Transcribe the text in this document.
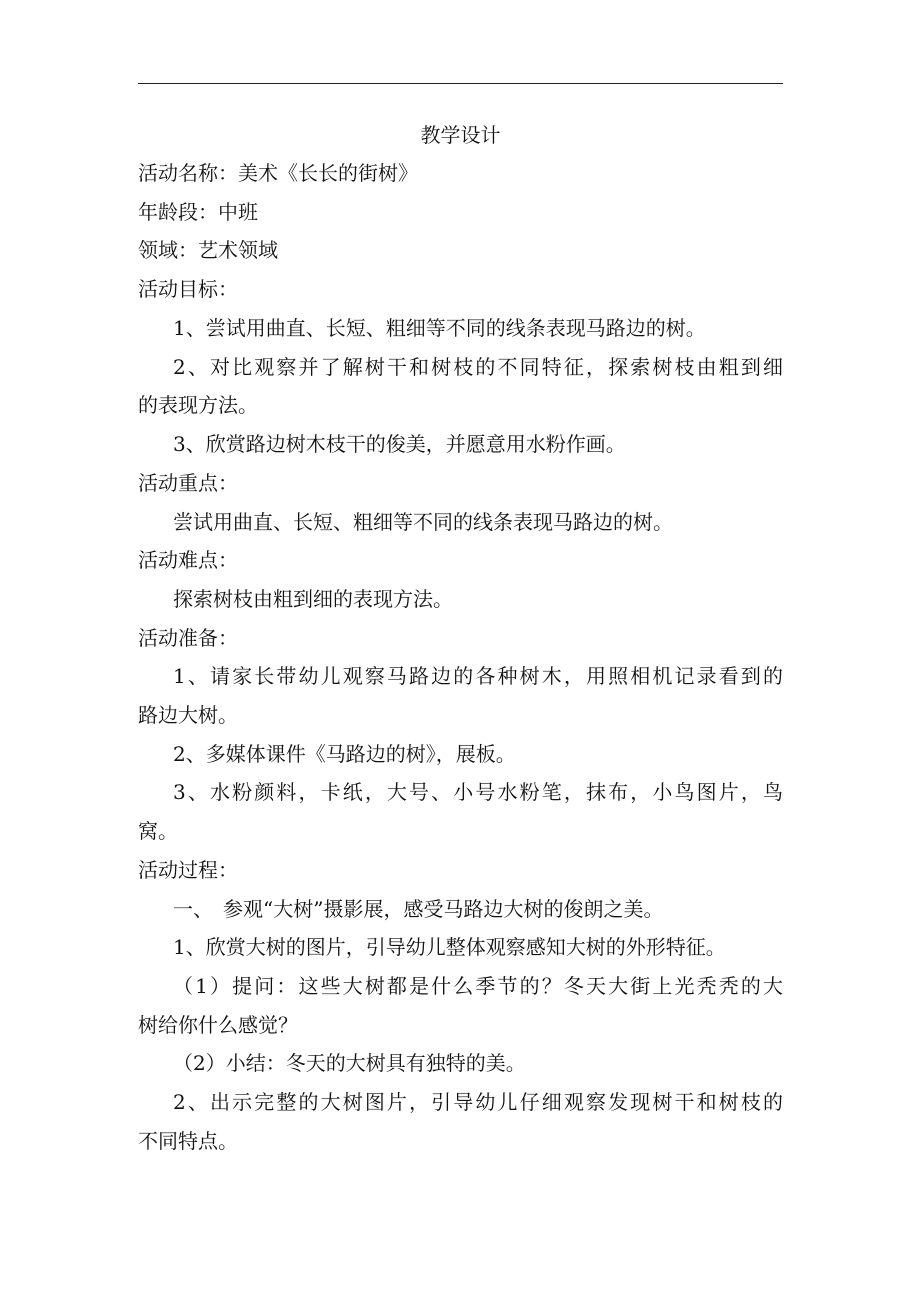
教学设计
活动名称：美术《长长的街树》
年龄段：中班
领域：艺术领域
活动目标：
1、尝试用曲直、长短、粗细等不同的线条表现马路边的树。
2、对比观察并了解树干和树枝的不同特征，探索树枝由粗到细
的表现方法。
3、欣赏路边树木枝干的俊美，并愿意用水粉作画。
活动重点：
尝试用曲直、长短、粗细等不同的线条表现马路边的树。
活动难点：
探索树枝由粗到细的表现方法。
活动准备：
1、请家长带幼儿观察马路边的各种树木，用照相机记录看到的
路边大树。
2、多媒体课件《马路边的树》，展板。
3、水粉颜料，卡纸，大号、小号水粉笔，抹布，小鸟图片，鸟
窝。
活动过程：
一、　参观“大树”摄影展，感受马路边大树的俊朗之美。
1、欣赏大树的图片，引导幼儿整体观察感知大树的外形特征。
（1）提问：这些大树都是什么季节的？冬天大街上光秃秃的大
树给你什么感觉？
（2）小结：冬天的大树具有独特的美。
2、出示完整的大树图片，引导幼儿仔细观察发现树干和树枝的
不同特点。
